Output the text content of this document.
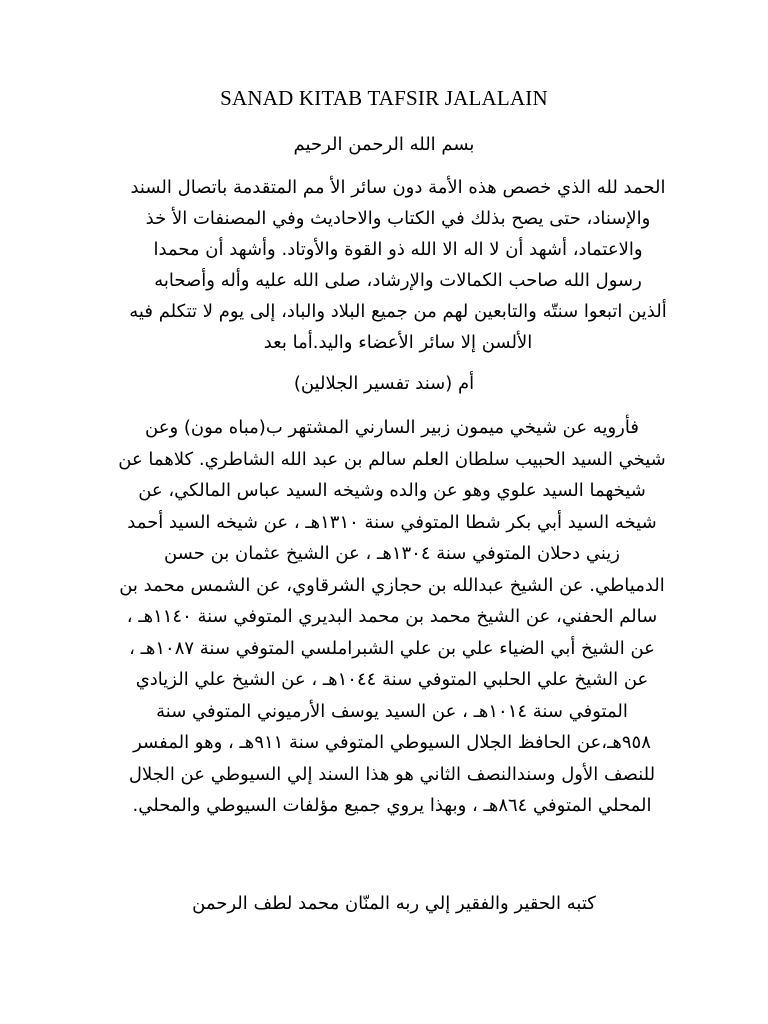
SANAD KITAB TAFSIR JALALAIN

بسم الله الرحمن الرحيم

الحمد لله الذي خصص هذه الأمة دون سائر الأ مم المتقدمة باتصال السند
والإسناد، حتى يصح بذلك في الكتاب والاحاديث وفي المصنفات الأ خذ
والاعتماد، أشهد أن لا اله الا الله ذو القوة والأوتاد. وأشهد أن محمدا
رسول الله صاحب الكمالات والإرشاد، صلى الله عليه وأله وأصحابه
ألذين اتبعوا سنتّه والتابعين لهم من جميع البلاد والباد، إلى يوم لا تتكلم فيه
الألسن إلا سائر الأعضاء واليد.أما بعد

أم (سند تفسير الجلالين)

فأرويه عن شيخي ميمون زبير السارني المشتهر ب(مباه مون) وعن
شيخي السيد الحبيب سلطان العلم سالم بن عبد الله الشاطري. كلاهما عن
شيخهما السيد علوي وهو عن والده وشيخه السيد عباس المالكي، عن
شيخه السيد أبي بكر شطا المتوفي سنة ١٣١٠هـ ، عن شيخه السيد أحمد
زيني دحلان المتوفي سنة ١٣٠٤هـ ، عن الشيخ عثمان بن حسن
الدمياطي. عن الشيخ عبدالله بن حجازي الشرقاوي، عن الشمس محمد بن
سالم الحفني، عن الشيخ محمد بن محمد البديري المتوفي سنة ١١٤٠هـ ،
عن الشيخ أبي الضياء علي بن علي الشبراملسي المتوفي سنة ١٠٨٧هـ ،
عن الشيخ علي الحلبي المتوفي سنة ١٠٤٤هـ ، عن الشيخ علي الزيادي
المتوفي سنة ١٠١٤هـ ، عن السيد يوسف الأرميوني المتوفي سنة
٩٥٨هـ،عن الحافظ الجلال السيوطي المتوفي سنة ٩١١هـ ، وهو المفسر
للنصف الأول وسندالنصف الثاني هو هذا السند إلي السيوطي عن الجلال
المحلي المتوفي ٨٦٤هـ ، وبهذا يروي جميع مؤلفات السيوطي والمحلي.

كتبه الحقير والفقير إلي ربه المنّان محمد لطف الرحمن
